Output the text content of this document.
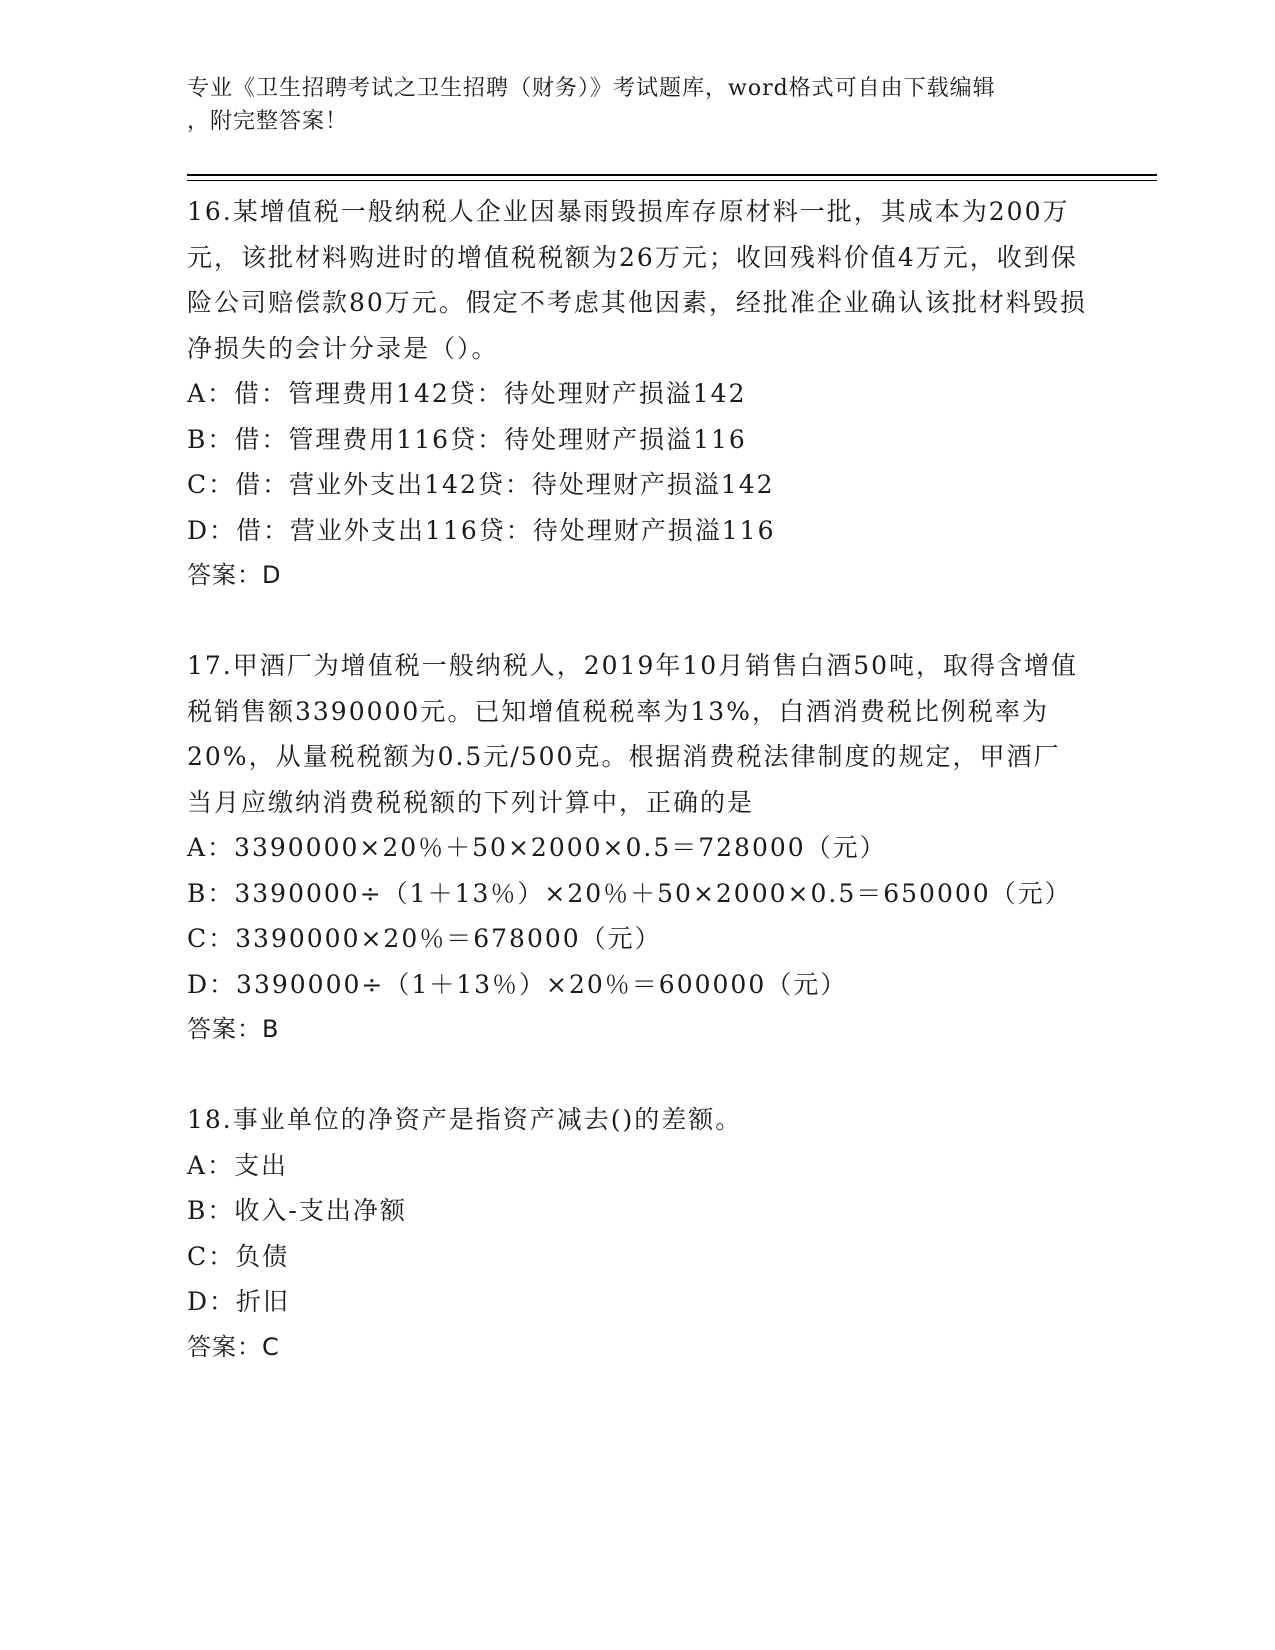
专业《卫生招聘考试之卫生招聘（财务）》考试题库，word格式可自由下载编辑
，附完整答案！

16.某增值税一般纳税人企业因暴雨毁损库存原材料一批，其成本为200万元，该批材料购进时的增值税税额为26万元；收回残料价值4万元，收到保险公司赔偿款80万元。假定不考虑其他因素，经批准企业确认该批材料毁损净损失的会计分录是（）。

A：借：管理费用142贷：待处理财产损溢142

B：借：管理费用116贷：待处理财产损溢116

C：借：营业外支出142贷：待处理财产损溢142

D：借：营业外支出116贷：待处理财产损溢116

答案：D

17.甲酒厂为增值税一般纳税人，2019年10月销售白酒50吨，取得含增值税销售额3390000元。已知增值税税率为13%，白酒消费税比例税率为20%，从量税税额为0.5元/500克。根据消费税法律制度的规定，甲酒厂当月应缴纳消费税税额的下列计算中，正确的是

A：3390000×20％＋50×2000×0.5＝728000（元）

B：3390000÷（1＋13％）×20％＋50×2000×0.5＝650000（元）

C：3390000×20％＝678000（元）

D：3390000÷（1＋13％）×20％＝600000（元）

答案：B

18.事业单位的净资产是指资产减去()的差额。

A：支出

B：收入-支出净额

C：负债

D：折旧

答案：C
